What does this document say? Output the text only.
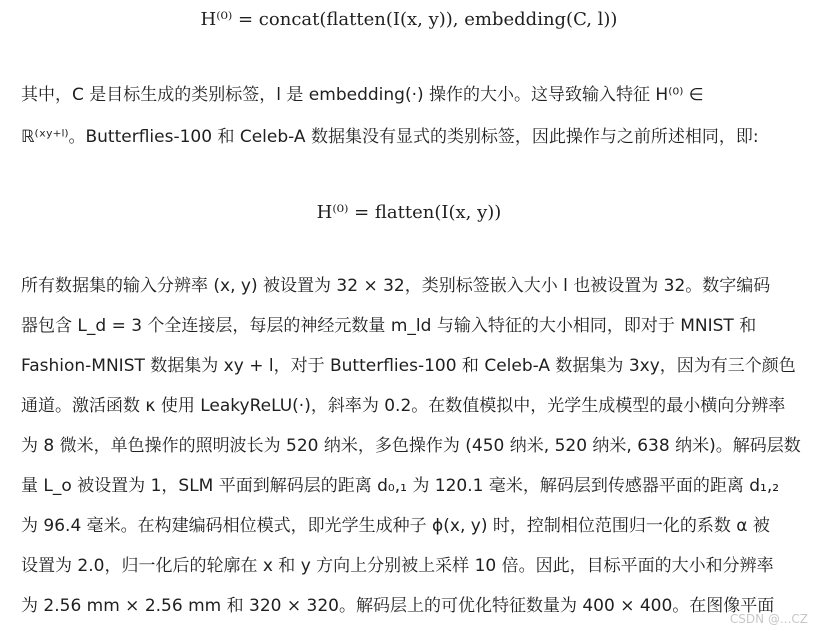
H⁽⁰⁾ = concat(flatten(I(x, y)), embedding(C, l))
其中，C 是目标生成的类别标签，l 是 embedding(·) 操作的大小。这导致输入特征 H⁽⁰⁾ ∈
ℝ⁽ˣʸ⁺ˡ⁾。Butterflies-100 和 Celeb-A 数据集没有显式的类别标签，因此操作与之前所述相同，即:
H⁽⁰⁾ = flatten(I(x, y))
所有数据集的输入分辨率 (x, y) 被设置为 32 × 32，类别标签嵌入大小 l 也被设置为 32。数字编码
器包含 L_d = 3 个全连接层，每层的神经元数量 m_ld 与输入特征的大小相同，即对于 MNIST 和
Fashion-MNIST 数据集为 xy + l，对于 Butterflies-100 和 Celeb-A 数据集为 3xy，因为有三个颜色
通道。激活函数 κ 使用 LeakyReLU(·)，斜率为 0.2。在数值模拟中，光学生成模型的最小横向分辨率
为 8 微米，单色操作的照明波长为 520 纳米，多色操作为 (450 纳米, 520 纳米, 638 纳米)。解码层数
量 L_o 被设置为 1，SLM 平面到解码层的距离 d₀,₁ 为 120.1 毫米，解码层到传感器平面的距离 d₁,₂
为 96.4 毫米。在构建编码相位模式，即光学生成种子 ϕ(x, y) 时，控制相位范围归一化的系数 α 被
设置为 2.0，归一化后的轮廓在 x 和 y 方向上分别被上采样 10 倍。因此，目标平面的大小和分辨率
为 2.56 mm × 2.56 mm 和 320 × 320。解码层上的可优化特征数量为 400 × 400。在图像平面
CSDN @...CZ
